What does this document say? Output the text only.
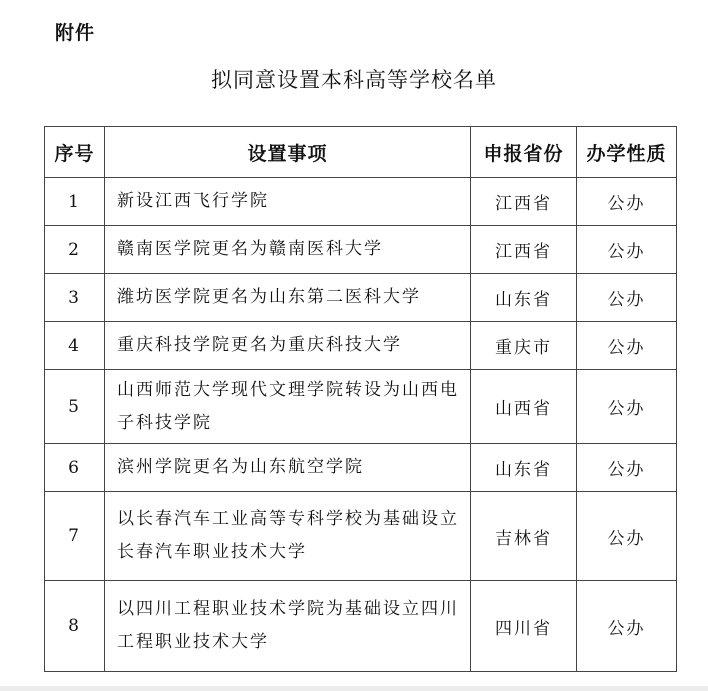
附件
拟同意设置本科高等学校名单
序号	设置事项	申报省份	办学性质
1	新设江西飞行学院	江西省	公办
2	赣南医学院更名为赣南医科大学	江西省	公办
3	潍坊医学院更名为山东第二医科大学	山东省	公办
4	重庆科技学院更名为重庆科技大学	重庆市	公办
5	山西师范大学现代文理学院转设为山西电子科技学院	山西省	公办
6	滨州学院更名为山东航空学院	山东省	公办
7	以长春汽车工业高等专科学校为基础设立长春汽车职业技术大学	吉林省	公办
8	以四川工程职业技术学院为基础设立四川工程职业技术大学	四川省	公办
